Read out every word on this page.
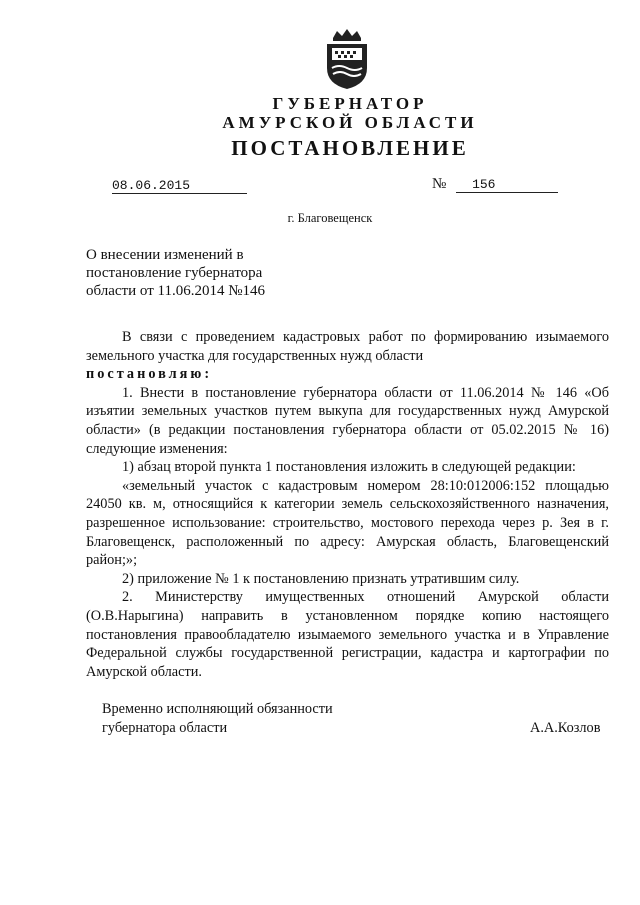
ГУБЕРНАТОР
АМУРСКОЙ ОБЛАСТИ
ПОСТАНОВЛЕНИЕ
08.06.2015	№ 156
г. Благовещенск
О внесении изменений в
постановление губернатора
области от 11.06.2014 №146

В связи с проведением кадастровых работ по формированию изымаемого земельного участка для государственных нужд области

постановляю:

1. Внести в постановление губернатора области от 11.06.2014 № 146 «Об изъятии земельных участков путем выкупа для государственных нужд Амурской области» (в редакции постановления губернатора области от 05.02.2015 № 16) следующие изменения:

1) абзац второй пункта 1 постановления изложить в следующей редакции:

«земельный участок с кадастровым номером 28:10:012006:152 площадью 24050 кв. м, относящийся к категории земель сельскохозяйственного назначения, разрешенное использование: строительство, мостового перехода через р. Зея в г. Благовещенск, расположенный по адресу: Амурская область, Благовещенский район;»;

2) приложение № 1 к постановлению признать утратившим силу.

2. Министерству имущественных отношений Амурской области (О.В.Нарыгина) направить в установленном порядке копию настоящего постановления правообладателю изымаемого земельного участка и в Управление Федеральной службы государственной регистрации, кадастра и картографии по Амурской области.

Временно исполняющий обязанности
губернатора области	А.А.Козлов
